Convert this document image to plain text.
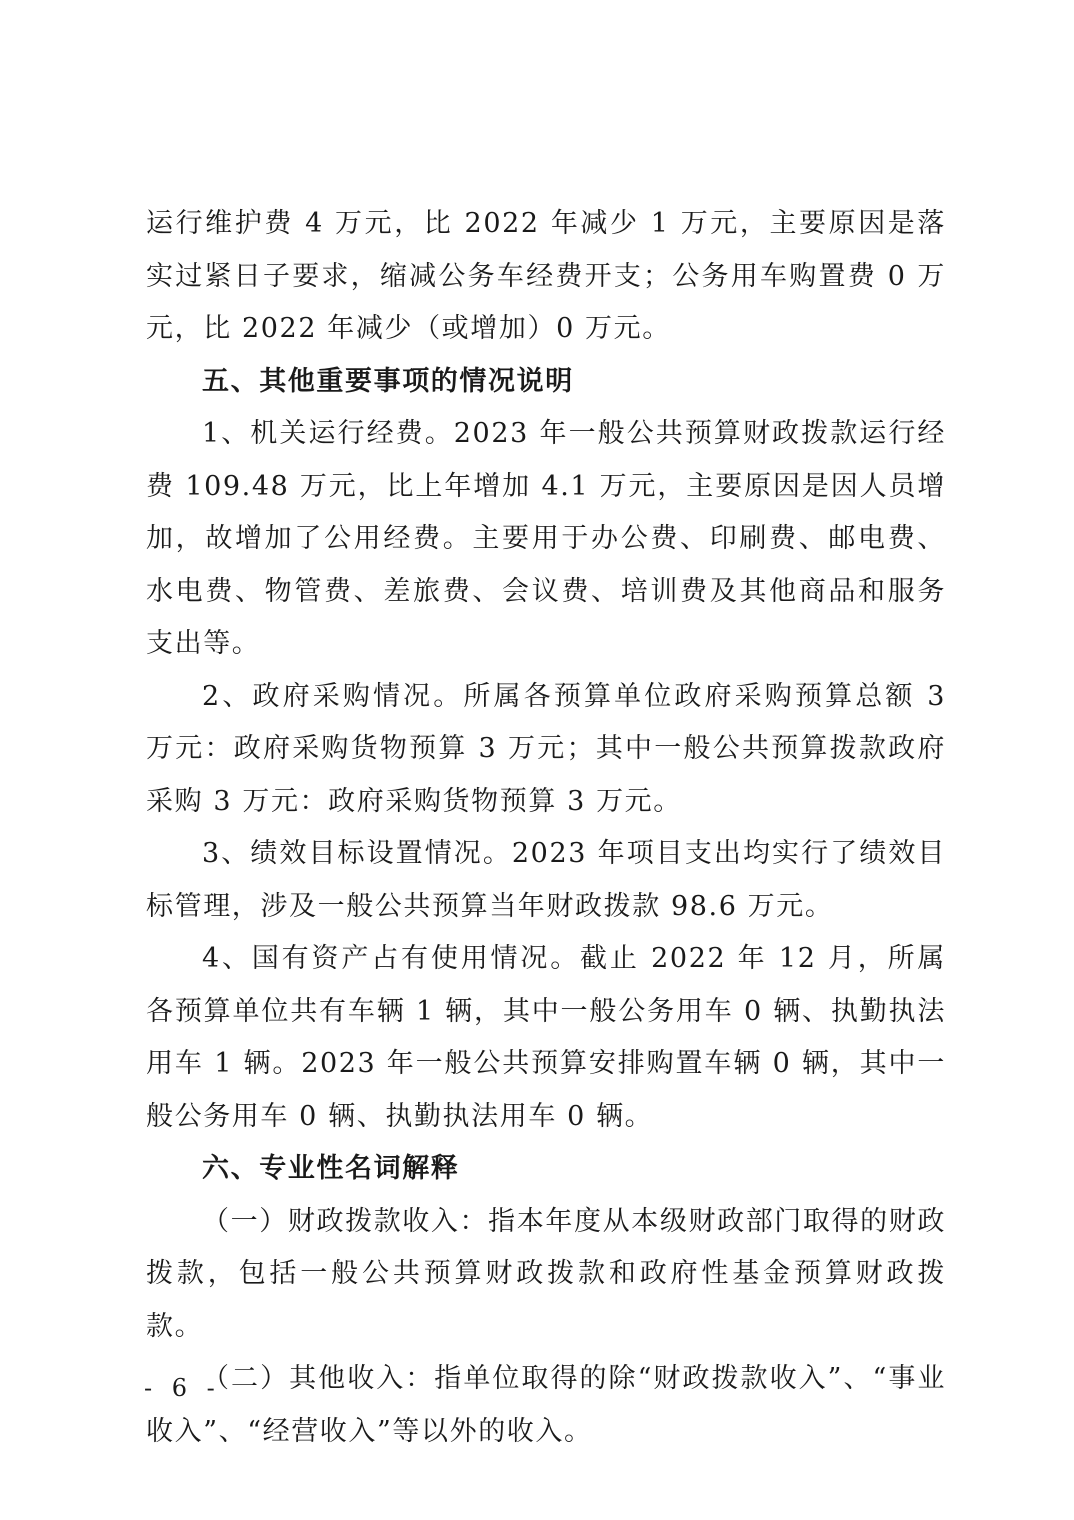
运行维护费 4 万元，比 2022 年减少 1 万元，主要原因是落实过紧日子要求，缩减公务车经费开支；公务用车购置费 0 万元，比 2022 年减少（或增加）0 万元。

五、其他重要事项的情况说明

1、机关运行经费。2023 年一般公共预算财政拨款运行经费 109.48 万元，比上年增加 4.1 万元，主要原因是因人员增加，故增加了公用经费。主要用于办公费、印刷费、邮电费、水电费、物管费、差旅费、会议费、培训费及其他商品和服务支出等。

2、政府采购情况。所属各预算单位政府采购预算总额 3 万元：政府采购货物预算 3 万元；其中一般公共预算拨款政府采购 3 万元：政府采购货物预算 3 万元。

3、绩效目标设置情况。2023 年项目支出均实行了绩效目标管理，涉及一般公共预算当年财政拨款 98.6 万元。

4、国有资产占有使用情况。截止 2022 年 12 月，所属各预算单位共有车辆 1 辆，其中一般公务用车 0 辆、执勤执法用车 1 辆。2023 年一般公共预算安排购置车辆 0 辆，其中一般公务用车 0 辆、执勤执法用车 0 辆。

六、专业性名词解释

（一）财政拨款收入：指本年度从本级财政部门取得的财政拨款，包括一般公共预算财政拨款和政府性基金预算财政拨款。

（二）其他收入：指单位取得的除“财政拨款收入”、“事业收入”、“经营收入”等以外的收入。

- 6 -
